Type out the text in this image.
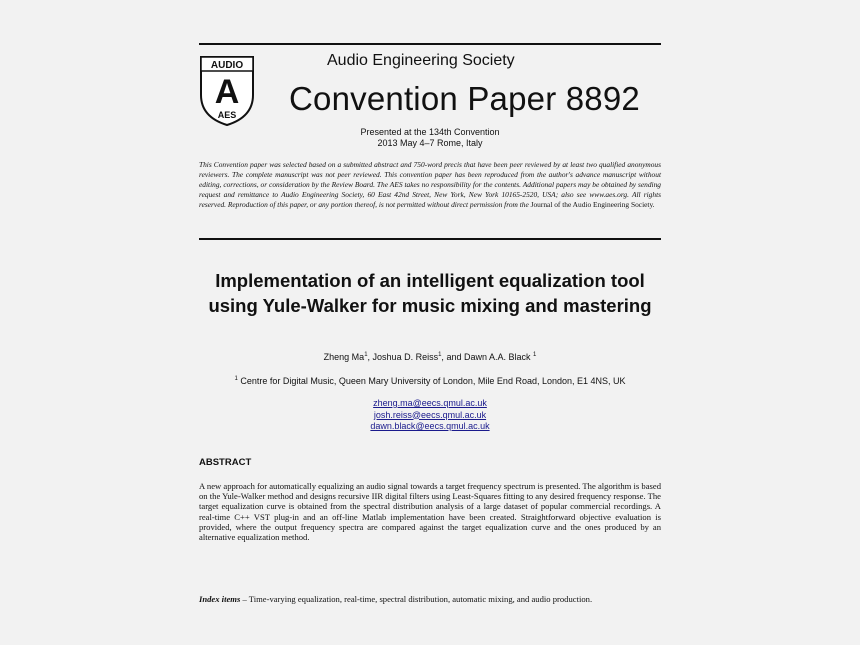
AUDIO
A
AES
Audio Engineering Society
Convention Paper 8892
Presented at the 134th Convention
2013 May 4–7 Rome, Italy
This Convention paper was selected based on a submitted abstract and 750-word precis that have been peer reviewed by at least two qualified anonymous reviewers. The complete manuscript was not peer reviewed. This convention paper has been reproduced from the author's advance manuscript without editing, corrections, or consideration by the Review Board. The AES takes no responsibility for the contents. Additional papers may be obtained by sending request and remittance to Audio Engineering Society, 60 East 42nd Street, New York, New York 10165-2520, USA; also see www.aes.org. All rights reserved. Reproduction of this paper, or any portion thereof, is not permitted without direct permission from the Journal of the Audio Engineering Society.
Implementation of an intelligent equalization tool using Yule-Walker for music mixing and mastering
Zheng Ma$^1$, Joshua D. Reiss$^1$, and Dawn A.A. Black $^1$
$^1$ Centre for Digital Music, Queen Mary University of London, Mile End Road, London, E1 4NS, UK
zheng.ma@eecs.qmul.ac.uk
josh.reiss@eecs.qmul.ac.uk
dawn.black@eecs.qmul.ac.uk
ABSTRACT
A new approach for automatically equalizing an audio signal towards a target frequency spectrum is presented. The algorithm is based on the Yule-Walker method and designs recursive IIR digital filters using Least-Squares fitting to any desired frequency response. The target equalization curve is obtained from the spectral distribution analysis of a large dataset of popular commercial recordings. A real-time C++ VST plug-in and an off-line Matlab implementation have been created. Straightforward objective evaluation is provided, where the output frequency spectra are compared against the target equalization curve and the ones produced by an alternative equalization method.
Index items – Time-varying equalization, real-time, spectral distribution, automatic mixing, and audio production.
